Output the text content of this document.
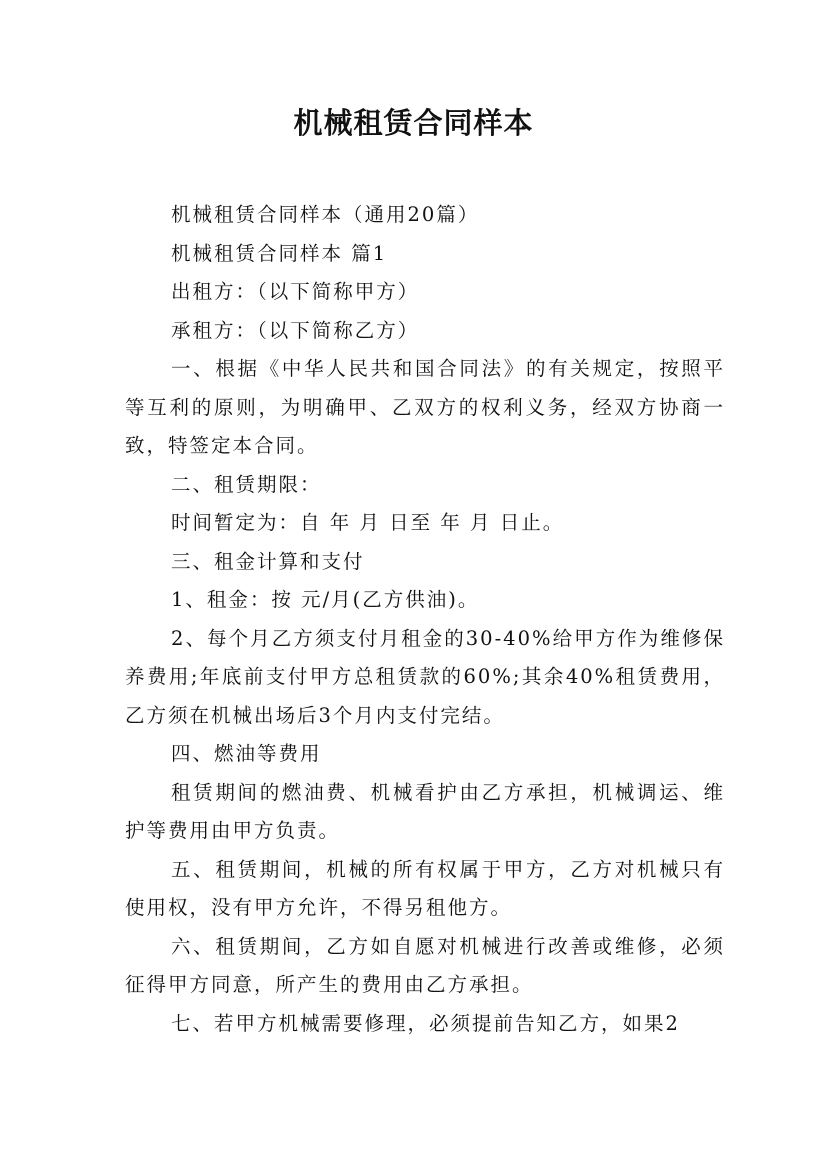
机械租赁合同样本

机械租赁合同样本（通用20篇）

机械租赁合同样本 篇1

出租方：（以下简称甲方）

承租方：（以下简称乙方）

一、根据《中华人民共和国合同法》的有关规定，按照平等互利的原则，为明确甲、乙双方的权利义务，经双方协商一致，特签定本合同。

二、租赁期限：

时间暂定为：自 年 月 日至 年 月 日止。

三、租金计算和支付

1、租金：按 元/月(乙方供油)。

2、每个月乙方须支付月租金的30-40%给甲方作为维修保养费用;年底前支付甲方总租赁款的60%;其余40%租赁费用，乙方须在机械出场后3个月内支付完结。

四、燃油等费用

租赁期间的燃油费、机械看护由乙方承担，机械调运、维护等费用由甲方负责。

五、租赁期间，机械的所有权属于甲方，乙方对机械只有使用权，没有甲方允许，不得另租他方。

六、租赁期间，乙方如自愿对机械进行改善或维修，必须征得甲方同意，所产生的费用由乙方承担。

七、若甲方机械需要修理，必须提前告知乙方，如果2
